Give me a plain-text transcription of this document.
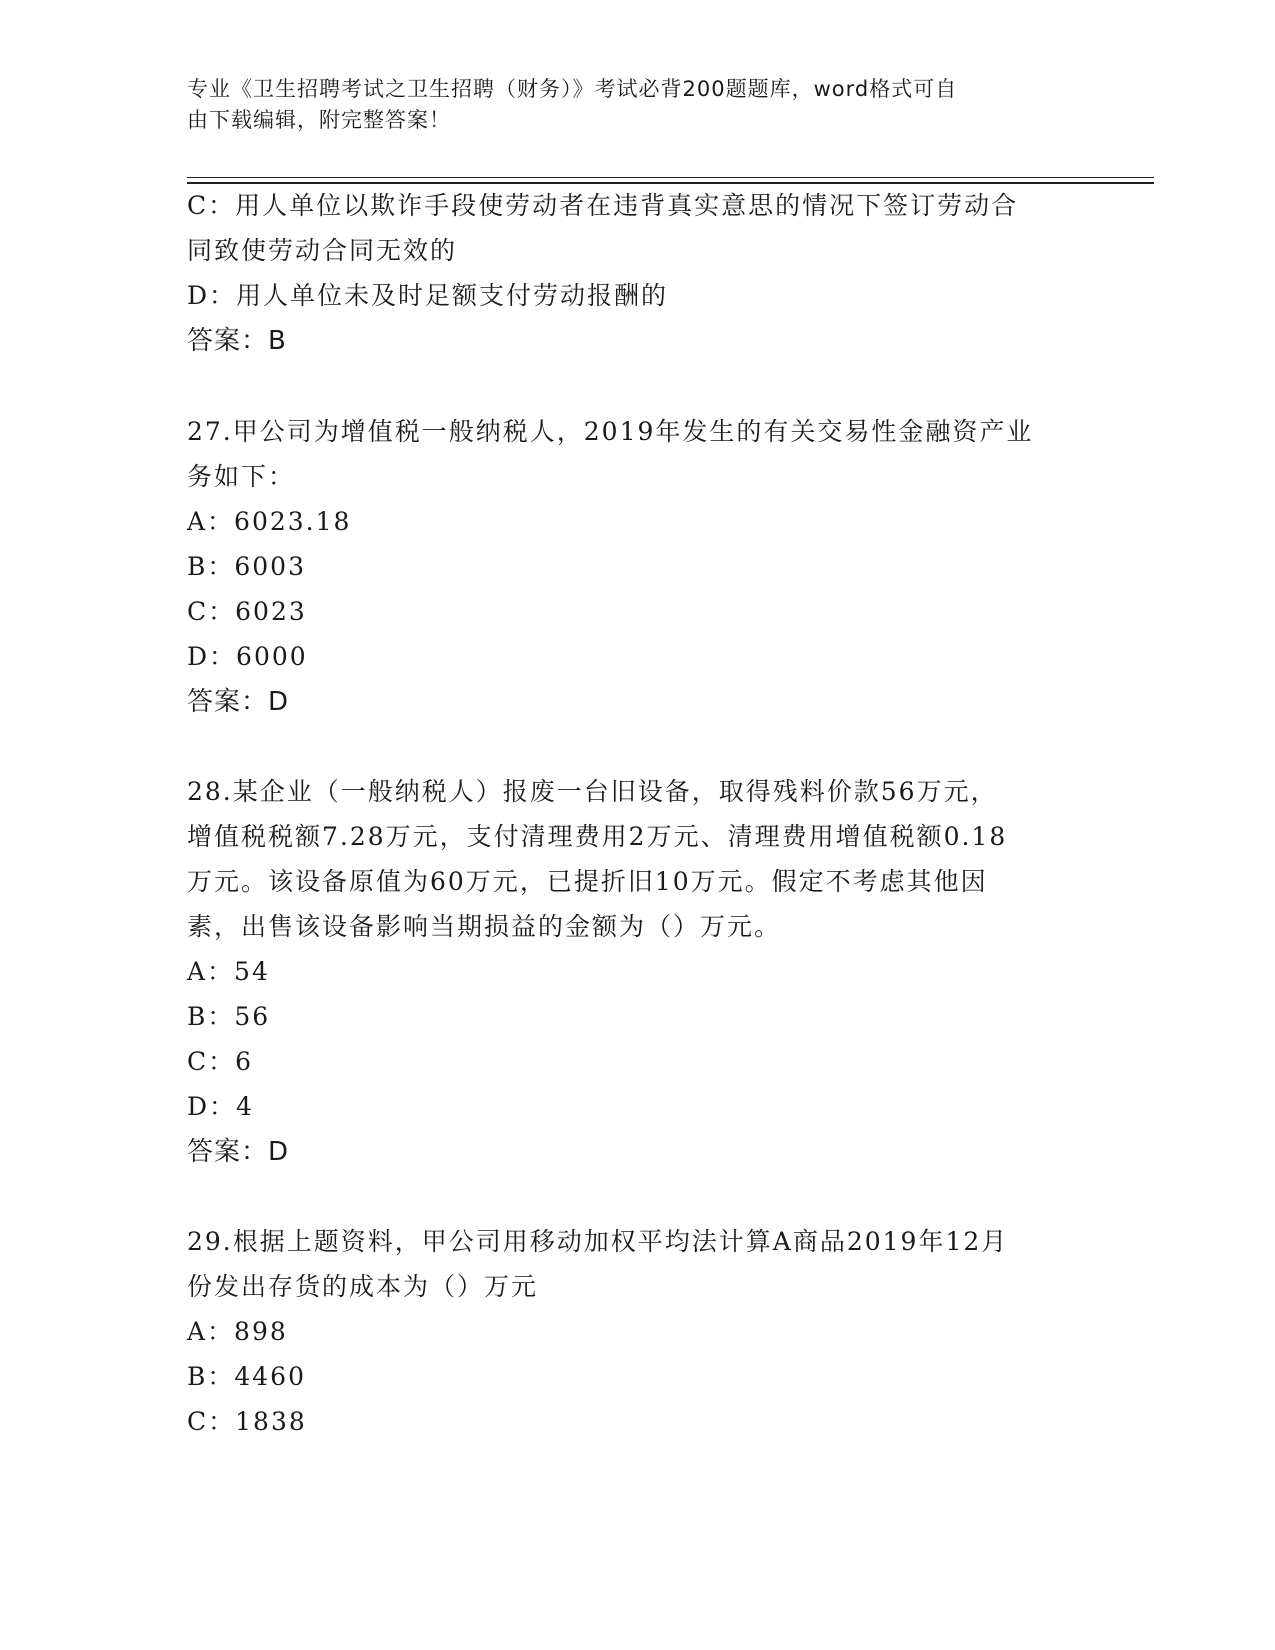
专业《卫生招聘考试之卫生招聘（财务）》考试必背200题题库，word格式可自
由下载编辑，附完整答案！
C：用人单位以欺诈手段使劳动者在违背真实意思的情况下签订劳动合
同致使劳动合同无效的
D：用人单位未及时足额支付劳动报酬的
答案：B
27.甲公司为增值税一般纳税人，2019年发生的有关交易性金融资产业
务如下：
A：6023.18
B：6003
C：6023
D：6000
答案：D
28.某企业（一般纳税人）报废一台旧设备，取得残料价款56万元，
增值税税额7.28万元，支付清理费用2万元、清理费用增值税额0.18
万元。该设备原值为60万元，已提折旧10万元。假定不考虑其他因
素，出售该设备影响当期损益的金额为（）万元。
A：54
B：56
C：6
D：4
答案：D
29.根据上题资料，甲公司用移动加权平均法计算A商品2019年12月
份发出存货的成本为（）万元
A：898
B：4460
C：1838
